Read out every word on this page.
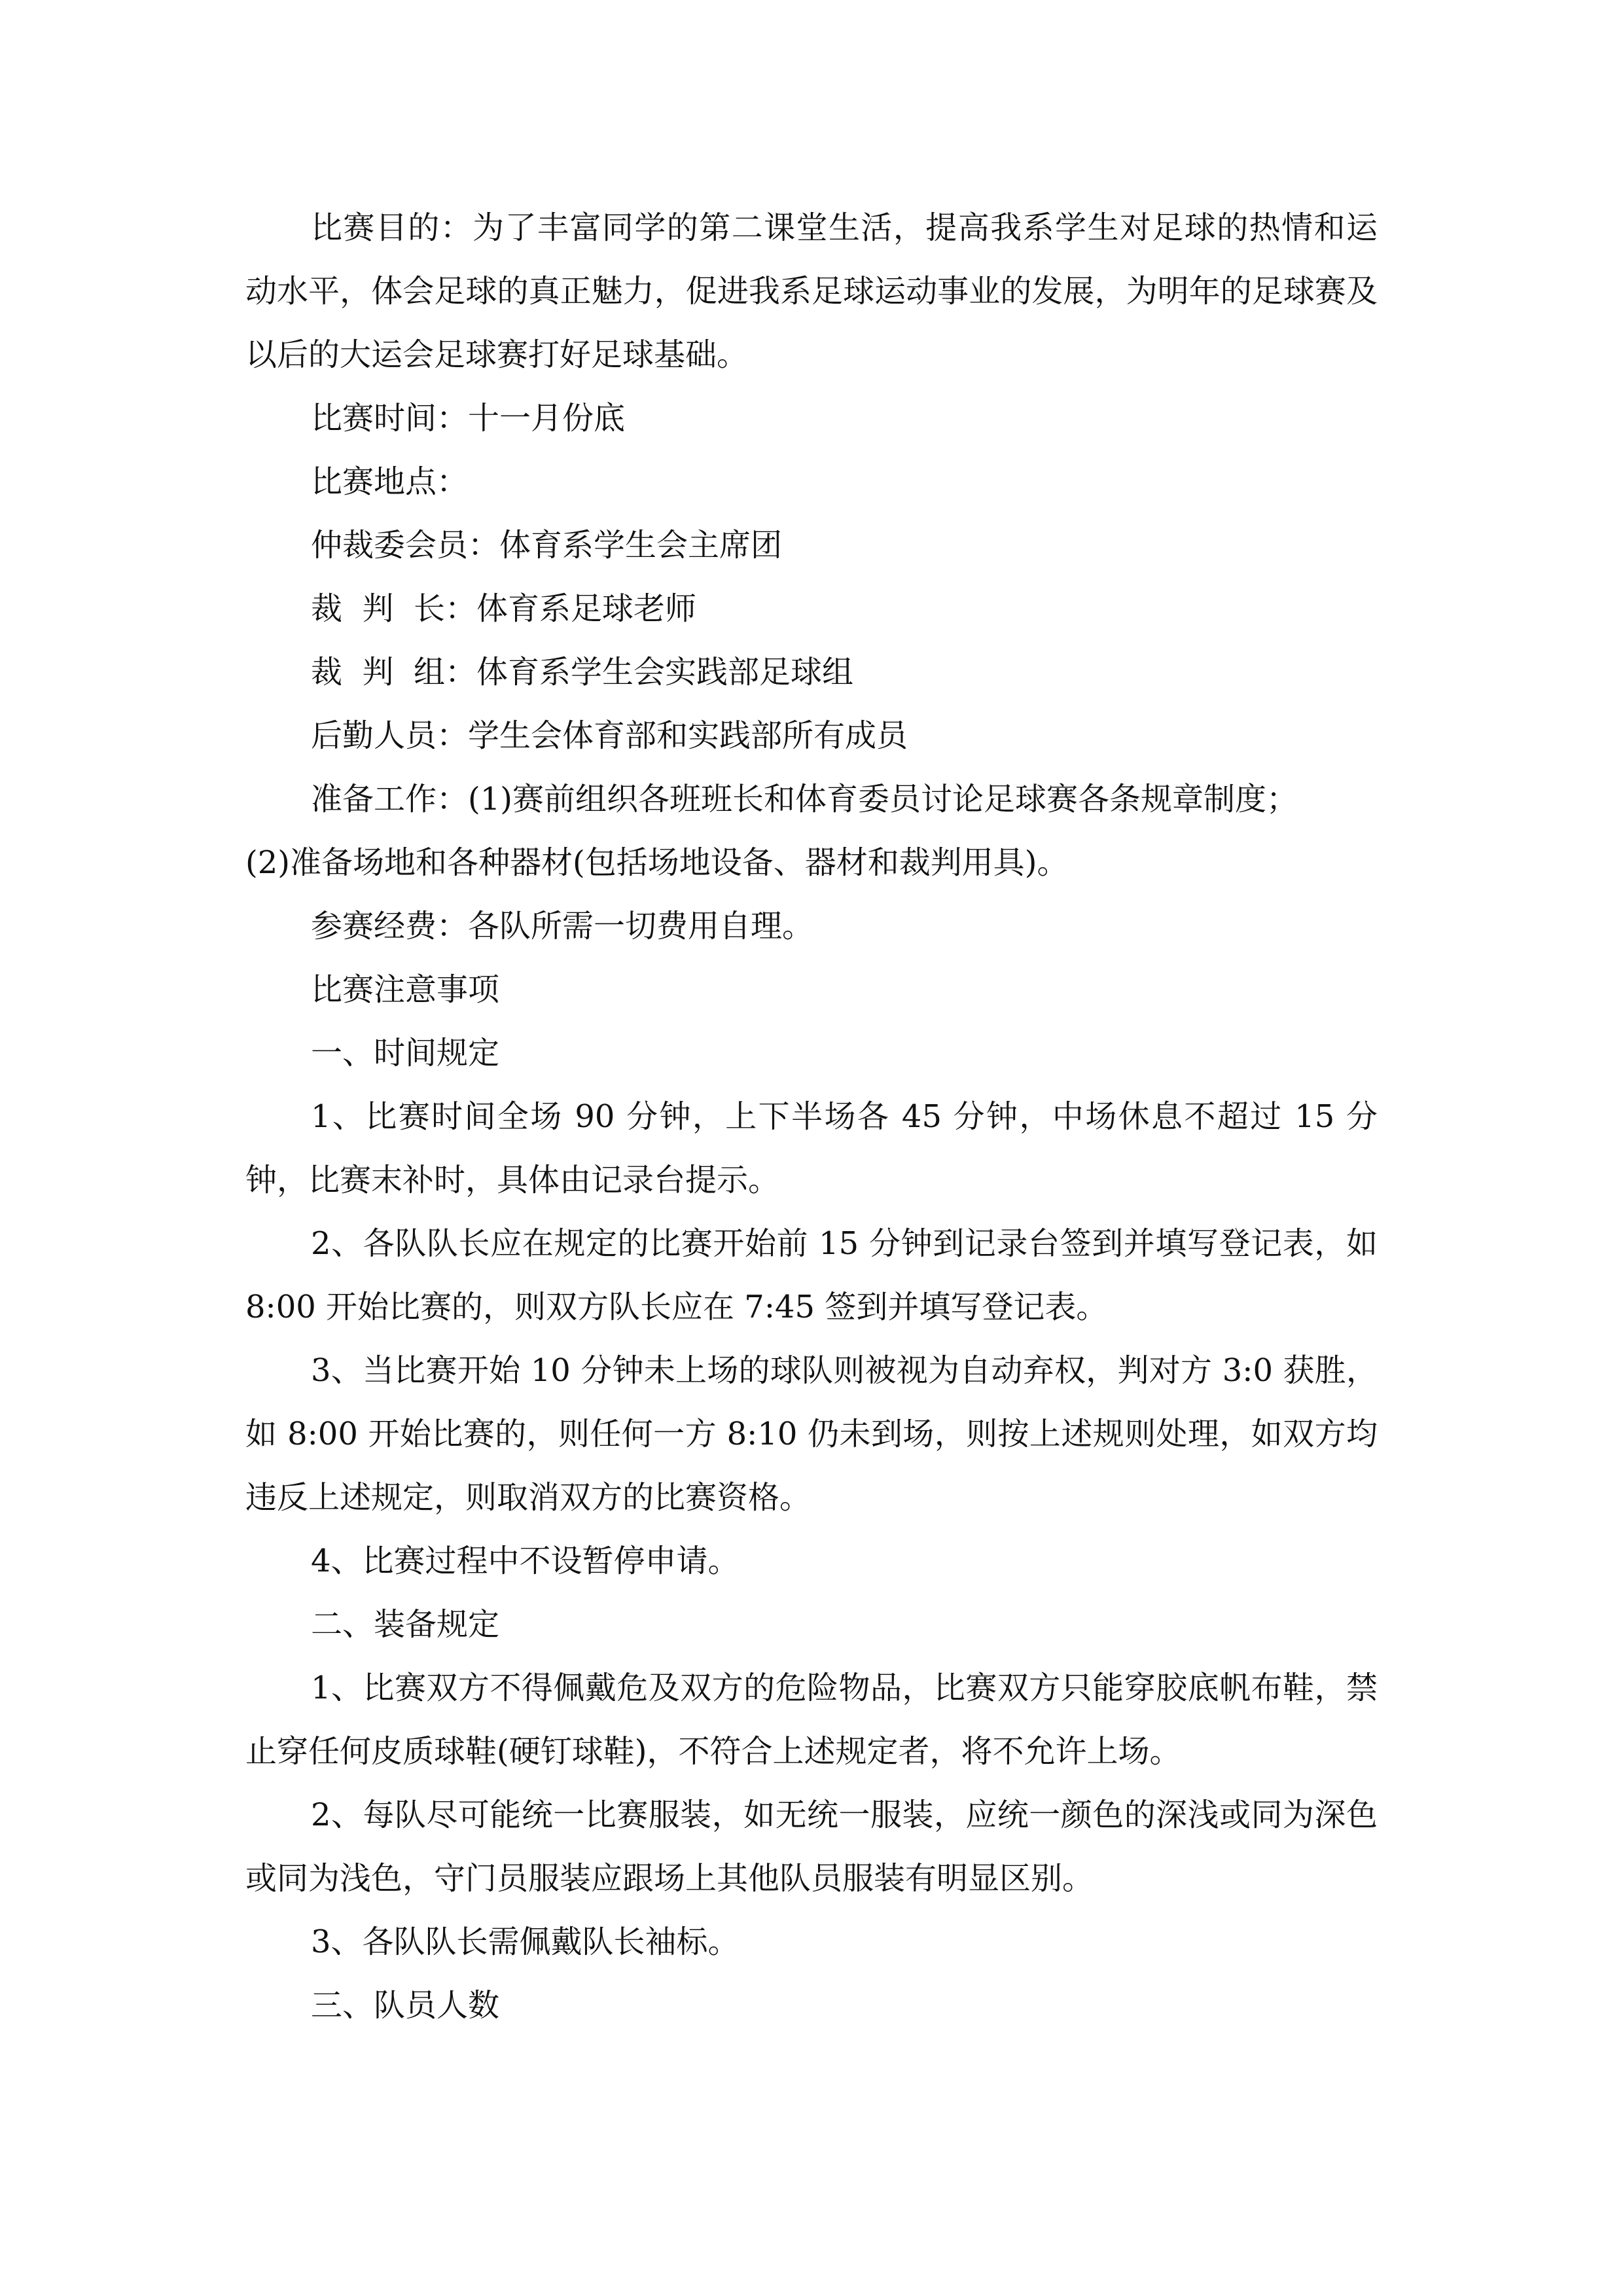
比赛目的：为了丰富同学的第二课堂生活，提高我系学生对足球的热情和运动水平，体会足球的真正魅力，促进我系足球运动事业的发展，为明年的足球赛及以后的大运会足球赛打好足球基础。

比赛时间：十一月份底

比赛地点：

仲裁委会员：体育系学生会主席团

裁  判  长：体育系足球老师

裁  判  组：体育系学生会实践部足球组

后勤人员：学生会体育部和实践部所有成员

准备工作：(1)赛前组织各班班长和体育委员讨论足球赛各条规章制度；

(2)准备场地和各种器材(包括场地设备、器材和裁判用具)。

参赛经费：各队所需一切费用自理。

比赛注意事项

一、时间规定

1、比赛时间全场 90 分钟，上下半场各 45 分钟，中场休息不超过 15 分钟，比赛末补时，具体由记录台提示。

2、各队队长应在规定的比赛开始前 15 分钟到记录台签到并填写登记表，如 8:00 开始比赛的，则双方队长应在 7:45 签到并填写登记表。

3、当比赛开始 10 分钟未上场的球队则被视为自动弃权，判对方 3:0 获胜，如 8:00 开始比赛的，则任何一方 8:10 仍未到场，则按上述规则处理，如双方均违反上述规定，则取消双方的比赛资格。

4、比赛过程中不设暂停申请。

二、装备规定

1、比赛双方不得佩戴危及双方的危险物品，比赛双方只能穿胶底帆布鞋，禁止穿任何皮质球鞋(硬钉球鞋)，不符合上述规定者，将不允许上场。

2、每队尽可能统一比赛服装，如无统一服装，应统一颜色的深浅或同为深色或同为浅色，守门员服装应跟场上其他队员服装有明显区别。

3、各队队长需佩戴队长袖标。

三、队员人数
